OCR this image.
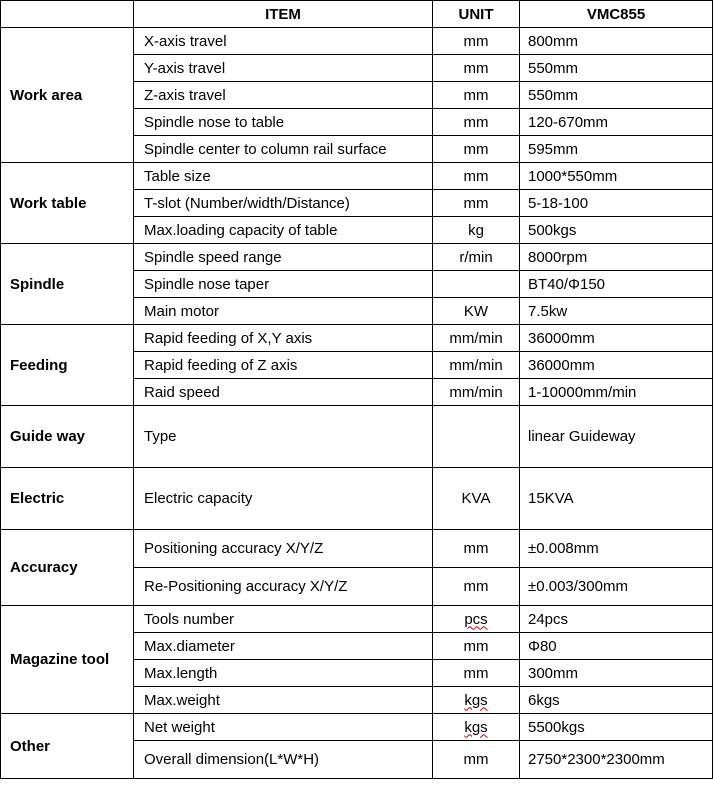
	ITEM	UNIT	VMC855
Work area	X-axis travel	mm	800mm
	Y-axis travel	mm	550mm
	Z-axis travel	mm	550mm
	Spindle nose to table	mm	120-670mm
	Spindle center to column rail surface	mm	595mm
Work table	Table size	mm	1000*550mm
	T-slot (Number/width/Distance)	mm	5-18-100
	Max.loading capacity of table	kg	500kgs
Spindle	Spindle speed range	r/min	8000rpm
	Spindle nose taper		BT40/Φ150
	Main motor	KW	7.5kw
Feeding	Rapid feeding of X,Y axis	mm/min	36000mm
	Rapid feeding of Z axis	mm/min	36000mm
	Raid speed	mm/min	1-10000mm/min
Guide way	Type		linear Guideway
Electric	Electric capacity	KVA	15KVA
Accuracy	Positioning accuracy X/Y/Z	mm	±0.008mm
	Re-Positioning accuracy X/Y/Z	mm	±0.003/300mm
Magazine tool	Tools number	pcs	24pcs
	Max.diameter	mm	Φ80
	Max.length	mm	300mm
	Max.weight	kgs	6kgs
Other	Net weight	kgs	5500kgs
	Overall dimension(L*W*H)	mm	2750*2300*2300mm
